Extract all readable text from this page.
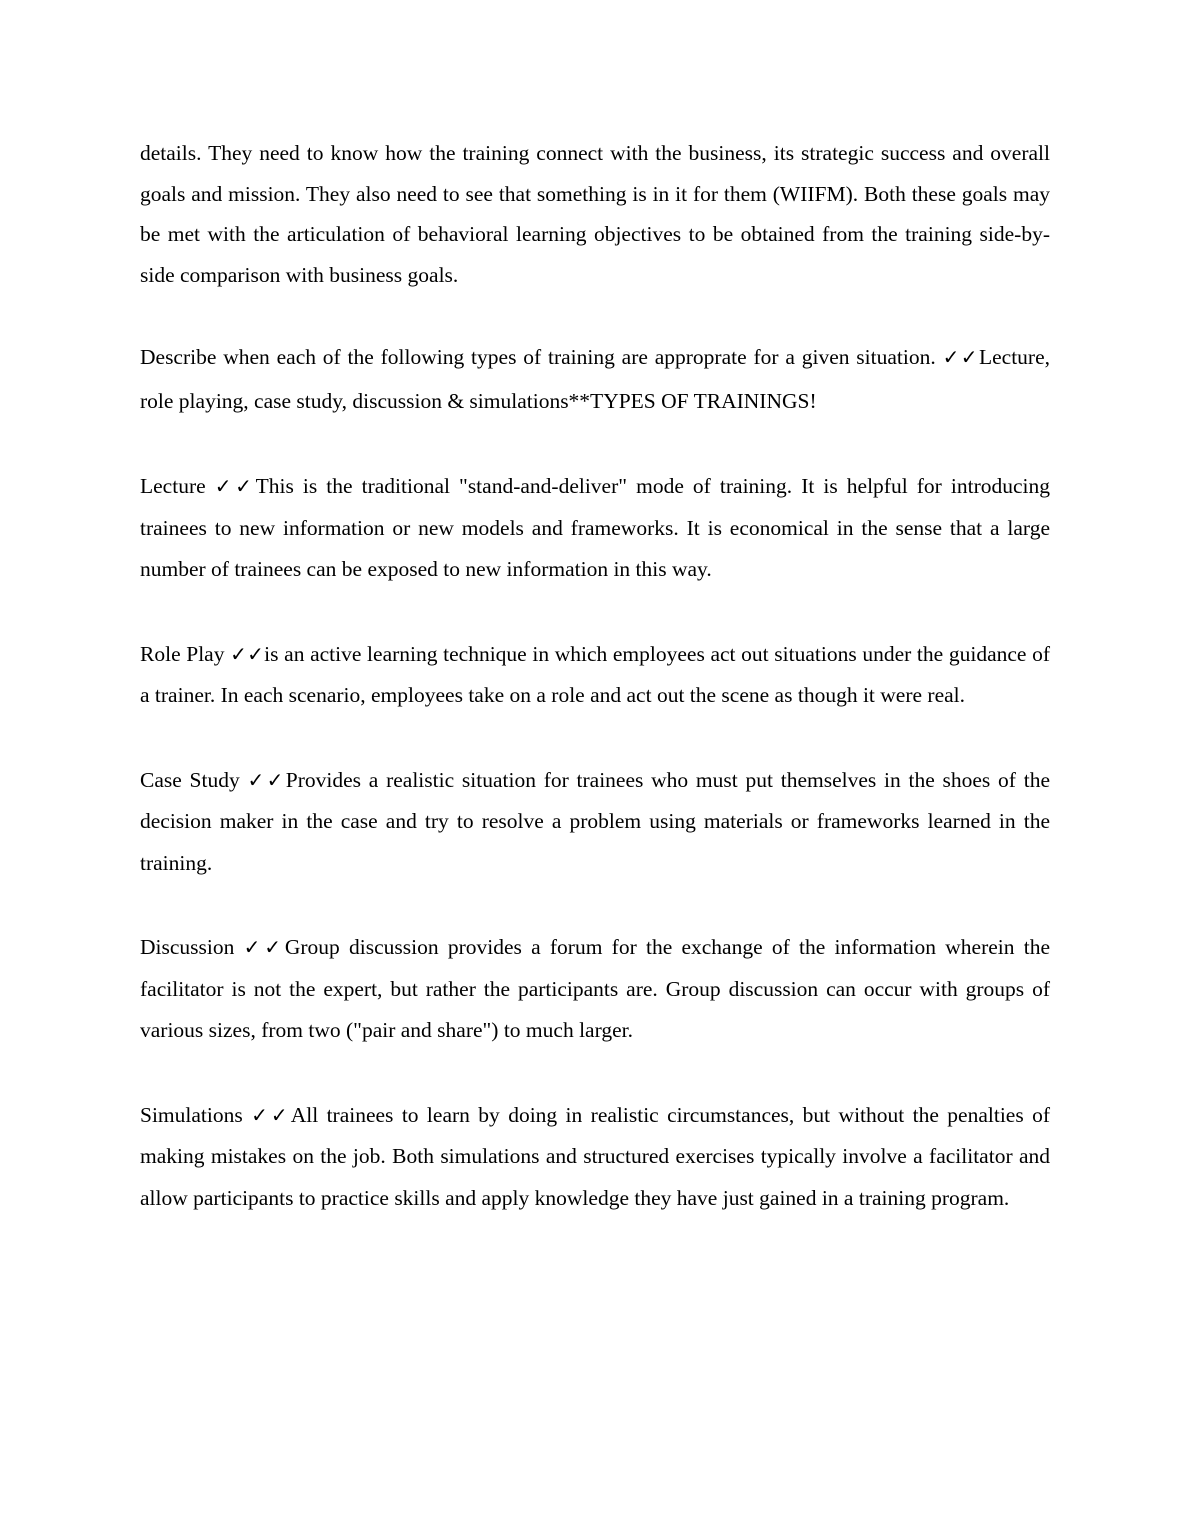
details. They need to know how the training connect with the business, its strategic success and overall goals and mission. They also need to see that something is in it for them (WIIFM). Both these goals may be met with the articulation of behavioral learning objectives to be obtained from the training side-by-side comparison with business goals.

Describe when each of the following types of training are approprate for a given situation. ✓✓Lecture, role playing, case study, discussion & simulations**TYPES OF TRAININGS!

Lecture ✓✓This is the traditional "stand-and-deliver" mode of training. It is helpful for introducing trainees to new information or new models and frameworks. It is economical in the sense that a large number of trainees can be exposed to new information in this way.

Role Play ✓✓is an active learning technique in which employees act out situations under the guidance of a trainer. In each scenario, employees take on a role and act out the scene as though it were real.

Case Study ✓✓Provides a realistic situation for trainees who must put themselves in the shoes of the decision maker in the case and try to resolve a problem using materials or frameworks learned in the training.

Discussion ✓✓Group discussion provides a forum for the exchange of the information wherein the facilitator is not the expert, but rather the participants are. Group discussion can occur with groups of various sizes, from two ("pair and share") to much larger.

Simulations ✓✓All trainees to learn by doing in realistic circumstances, but without the penalties of making mistakes on the job. Both simulations and structured exercises typically involve a facilitator and allow participants to practice skills and apply knowledge they have just gained in a training program.
